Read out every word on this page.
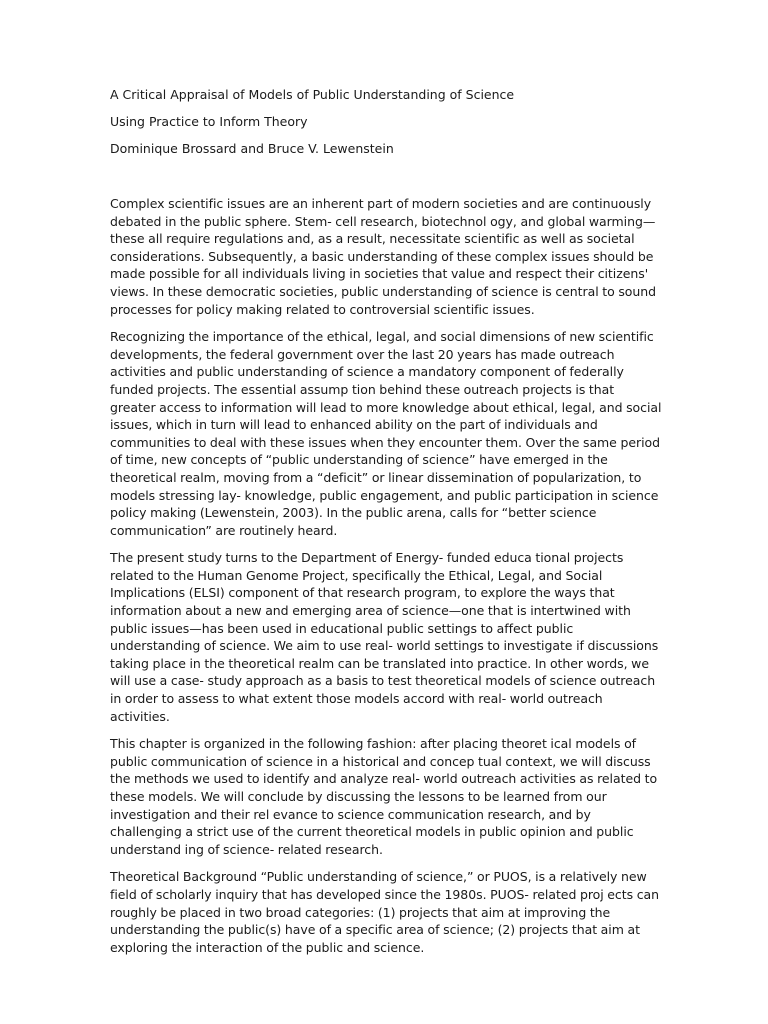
A Critical Appraisal of Models of Public Understanding of Science
Using Practice to Inform Theory
Dominique Brossard and Bruce V. Lewenstein

Complex scientific issues are an inherent part of modern societies and are continuously debated in the public sphere. Stem- cell research, biotechnol ogy, and global warming—these all require regulations and, as a result, necessitate scientific as well as societal considerations. Subsequently, a basic understanding of these complex issues should be made possible for all individuals living in societies that value and respect their citizens' views. In these democratic societies, public understanding of science is central to sound processes for policy making related to controversial scientific issues.

Recognizing the importance of the ethical, legal, and social dimensions of new scientific developments, the federal government over the last 20 years has made outreach activities and public understanding of science a mandatory component of federally funded projects. The essential assump tion behind these outreach projects is that greater access to information will lead to more knowledge about ethical, legal, and social issues, which in turn will lead to enhanced ability on the part of individuals and communities to deal with these issues when they encounter them. Over the same period of time, new concepts of “public understanding of science” have emerged in the theoretical realm, moving from a “deficit” or linear dissemination of popularization, to models stressing lay- knowledge, public engagement, and public participation in science policy making (Lewenstein, 2003). In the public arena, calls for “better science communication” are routinely heard.

The present study turns to the Department of Energy- funded educa tional projects related to the Human Genome Project, specifically the Ethical, Legal, and Social Implications (ELSI) component of that research program, to explore the ways that information about a new and emerging area of science—one that is intertwined with public issues—has been used in educational public settings to affect public understanding of science. We aim to use real- world settings to investigate if discussions taking place in the theoretical realm can be translated into practice. In other words, we will use a case- study approach as a basis to test theoretical models of science outreach in order to assess to what extent those models accord with real- world outreach activities.

This chapter is organized in the following fashion: after placing theoret ical models of public communication of science in a historical and concep tual context, we will discuss the methods we used to identify and analyze real- world outreach activities as related to these models. We will conclude by discussing the lessons to be learned from our investigation and their rel evance to science communication research, and by challenging a strict use of the current theoretical models in public opinion and public understand ing of science- related research.

Theoretical Background “Public understanding of science,” or PUOS, is a relatively new field of scholarly inquiry that has developed since the 1980s. PUOS- related proj ects can roughly be placed in two broad categories: (1) projects that aim at improving the understanding the public(s) have of a specific area of science; (2) projects that aim at exploring the interaction of the public and science.
